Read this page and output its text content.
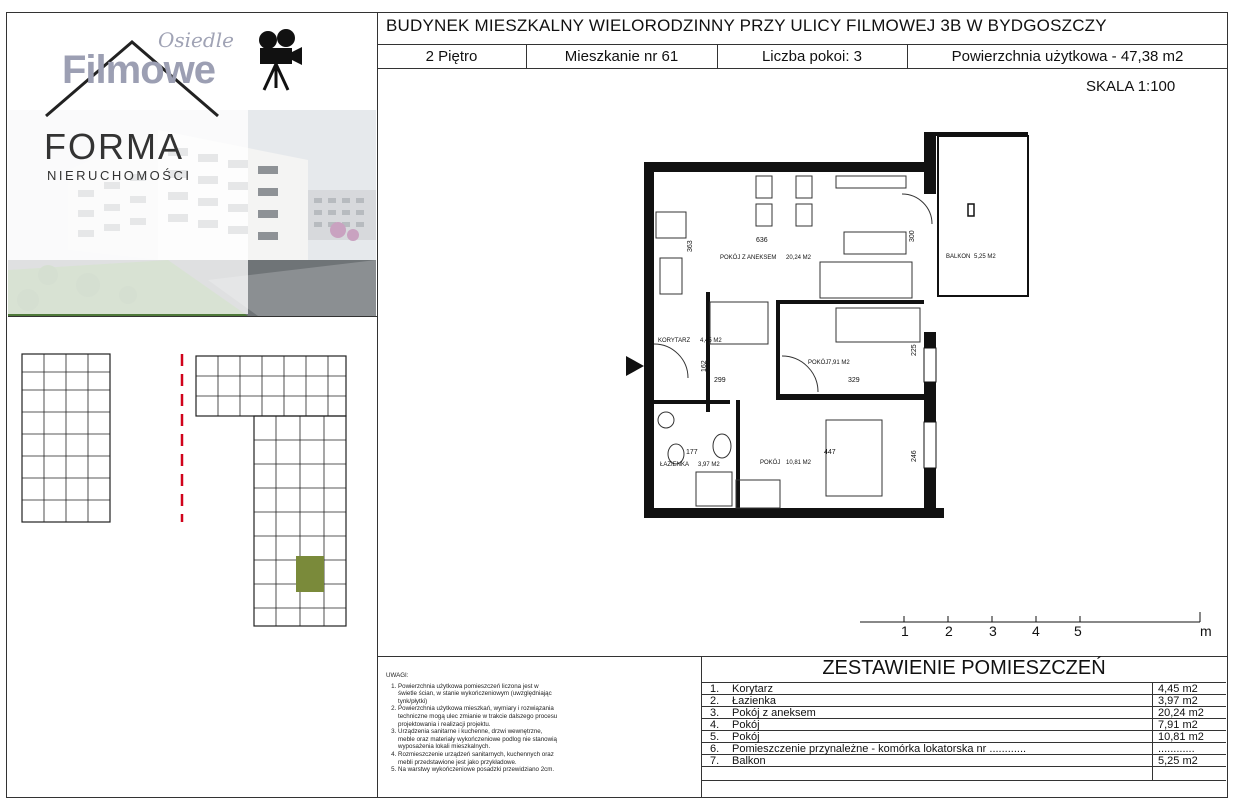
BUDYNEK MIESZKALNY WIELORODZINNY PRZY ULICY FILMOWEJ 3B W BYDGOSZCZY
2 Piętro	Mieszkanie nr 61	Liczba pokoi: 3	Powierzchnia użytkowa - 47,38 m2
SKALA 1:100
Osiedle
Filmowe
FORMA
NIERUCHOMOŚCI
POKÓJ Z ANEKSEM 20,24 M2
KORYTARZ 4,45 M2
POKÓJ 7,91 M2
ŁAZIENKA 3,97 M2	POKÓJ 10,81 M2
BALKON 5,25 M2
636
363
300
225
162
299	329
177	447	246
1	2	3	4 5	m
UWAGI:
1. Powierzchnia użytkowa pomieszczeń liczona jest w świetle ścian, w stanie wykończeniowym (uwzględniając tynk/płytki)
2. Powierzchnia użytkowa mieszkań, wymiary i rozwiązania techniczne mogą ulec zmianie w trakcie dalszego procesu projektowania i realizacji projektu.
3. Urządzenia sanitarne i kuchenne, drzwi wewnętrzne, meble oraz materiały wykończeniowe podlog nie stanowią wyposażenia lokali mieszkalnych.
4. Rozmieszczenie urządzeń sanitarnych, kuchennych oraz mebli przedstawione jest jako przykładowe.
5. Na warstwy wykończeniowe posadzki przewidziano 2cm.
ZESTAWIENIE POMIESZCZEŃ
1. Korytarz	4,45 m2
2. Łazienka	3,97 m2
3. Pokój z aneksem	20,24 m2
4. Pokój	7,91 m2
5. Pokój	10,81 m2
6. Pomieszczenie przynależne - komórka lokatorska nr ............	............
7. Balkon	5,25 m2
